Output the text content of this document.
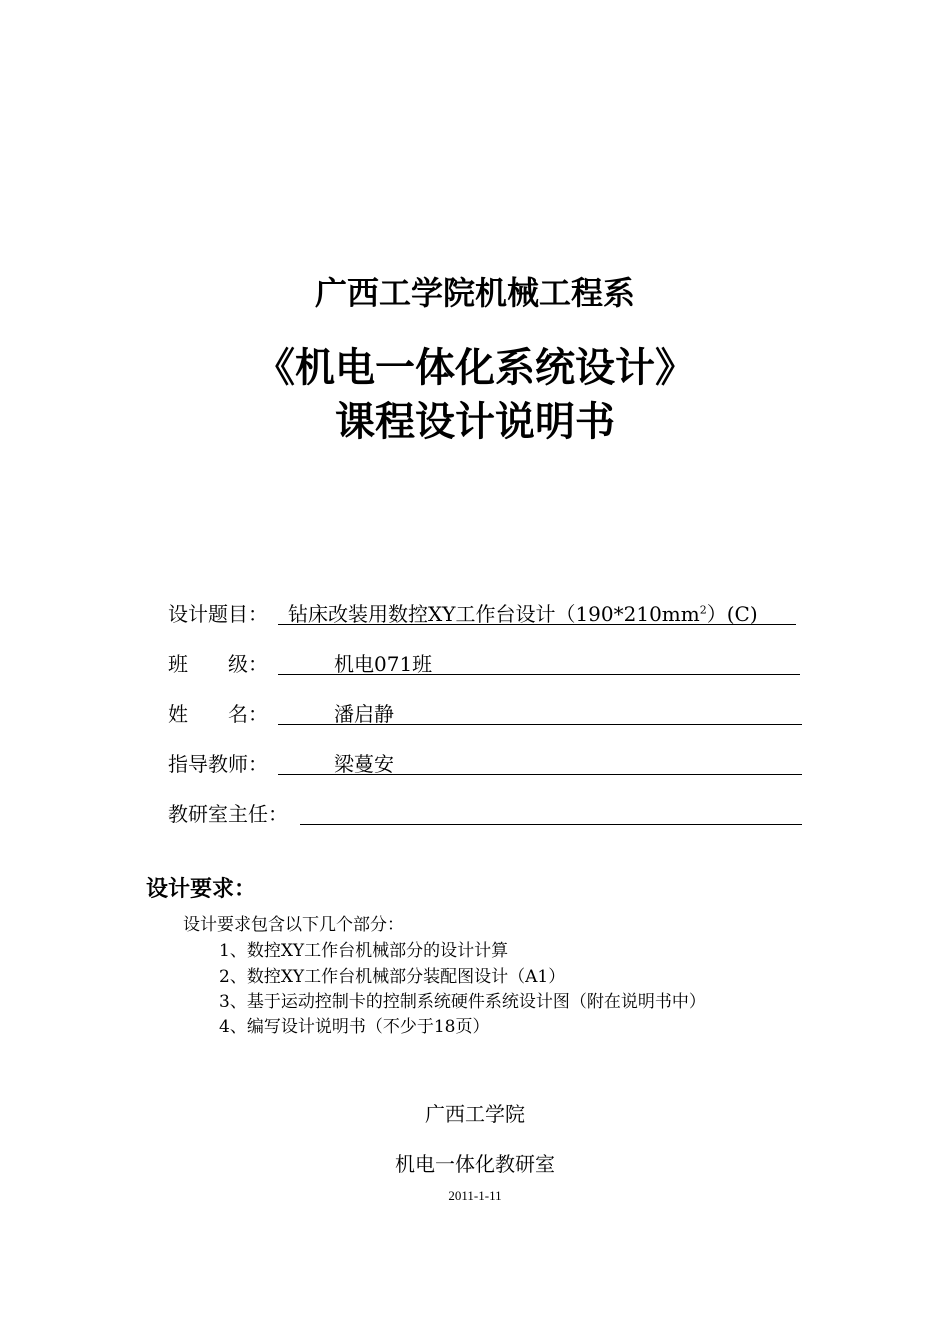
广西工学院机械工程系
《机电一体化系统设计》
课程设计说明书
设计题目： 钻床改装用数控XY工作台设计$(190*210mm^2)(C)$
班　　级：	机电071班
姓　　名：	潘启静
指导教师：	梁蔓安
教研室主任：
设计要求：
设计要求包含以下几个部分：
1、数控XY工作台机械部分的设计计算
2、数控XY工作台机械部分装配图设计（A1）
3、基于运动控制卡的控制系统硬件系统设计图（附在说明书中）
4、编写设计说明书（不少于18页）
广西工学院
机电一体化教研室
2011-1-11
